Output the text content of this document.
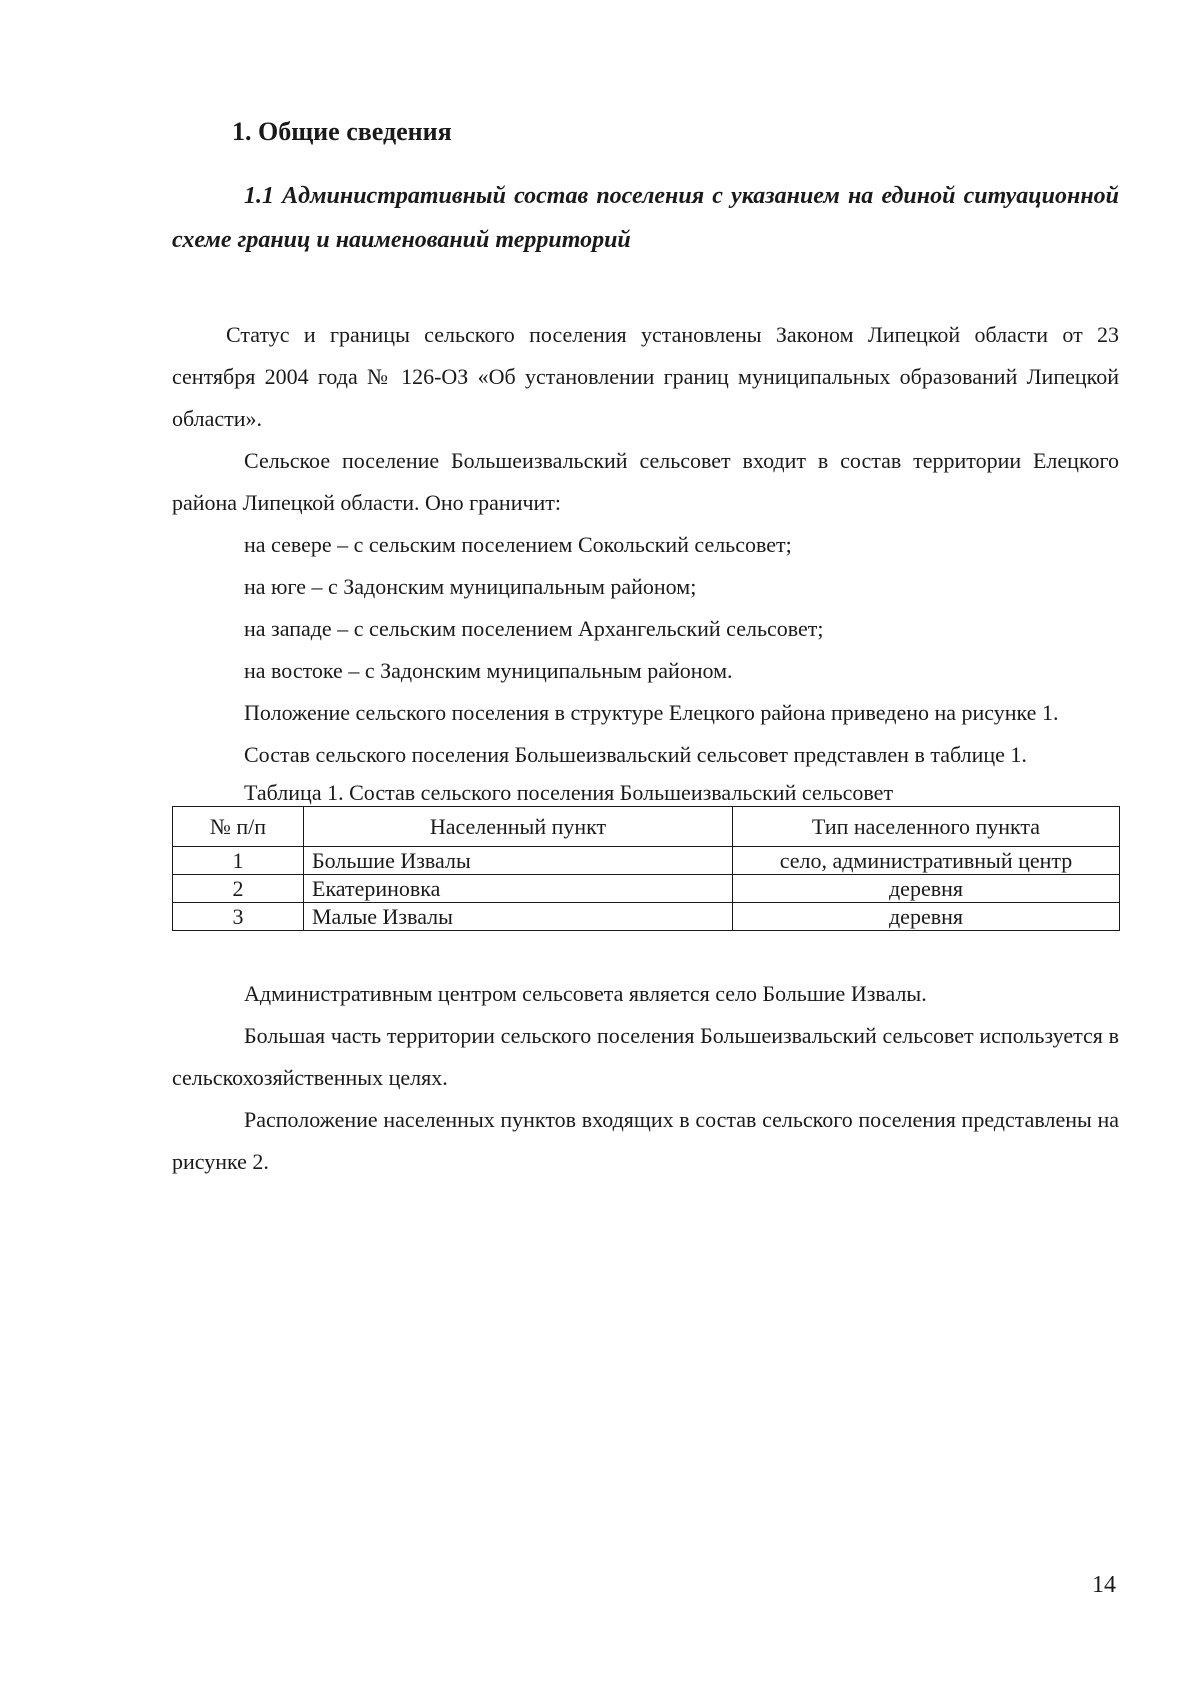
1. Общие сведения
1.1 Административный состав поселения с указанием на единой ситуационной схеме границ и наименований территорий

Статус и границы сельского поселения установлены Законом Липецкой области от 23 сентября 2004 года № 126-ОЗ «Об установлении границ муниципальных образований Липецкой области».

Сельское поселение Большеизвальский сельсовет входит в состав территории Елецкого района Липецкой области. Оно граничит:

на севере – с сельским поселением Сокольский сельсовет;

на юге – с Задонским муниципальным районом;

на западе – с сельским поселением Архангельский сельсовет;

на востоке – с Задонским муниципальным районом.

Положение сельского поселения в структуре Елецкого района приведено на рисунке 1.

Состав сельского поселения Большеизвальский сельсовет представлен в таблице 1.

Таблица 1. Состав сельского поселения Большеизвальский сельсовет

№ п/п	Населенный пункт	Тип населенного пункта
1	Большие Извалы	село, административный центр
2	Екатериновка	деревня
3	Малые Извалы	деревня

Административным центром сельсовета является село Большие Извалы.

Большая часть территории сельского поселения Большеизвальский сельсовет используется в сельскохозяйственных целях.

Расположение населенных пунктов входящих в состав сельского поселения представлены на рисунке 2.

14
